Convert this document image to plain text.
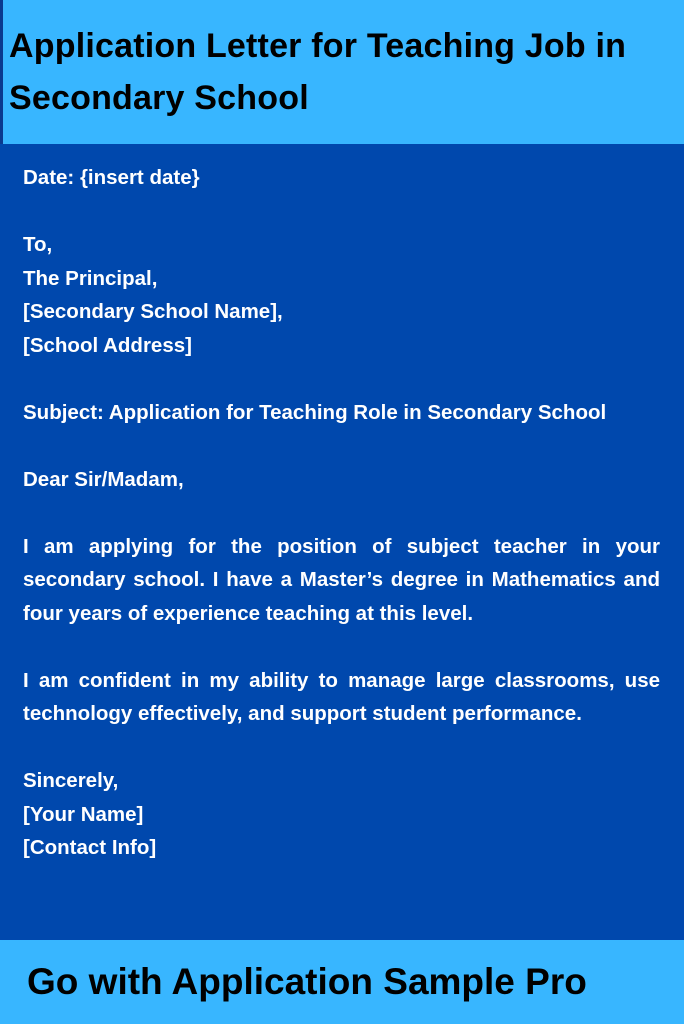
Application Letter for Teaching Job in Secondary School

Date: {insert date}

To,

The Principal,

[Secondary School Name],

[School Address]

Subject: Application for Teaching Role in Secondary School

Dear Sir/Madam,

I am applying for the position of subject teacher in your secondary school. I have a Master’s degree in Mathematics and four years of experience teaching at this level.

I am confident in my ability to manage large classrooms, use technology effectively, and support student performance.

Sincerely,

[Your Name]

[Contact Info]

Go with Application Sample Pro
